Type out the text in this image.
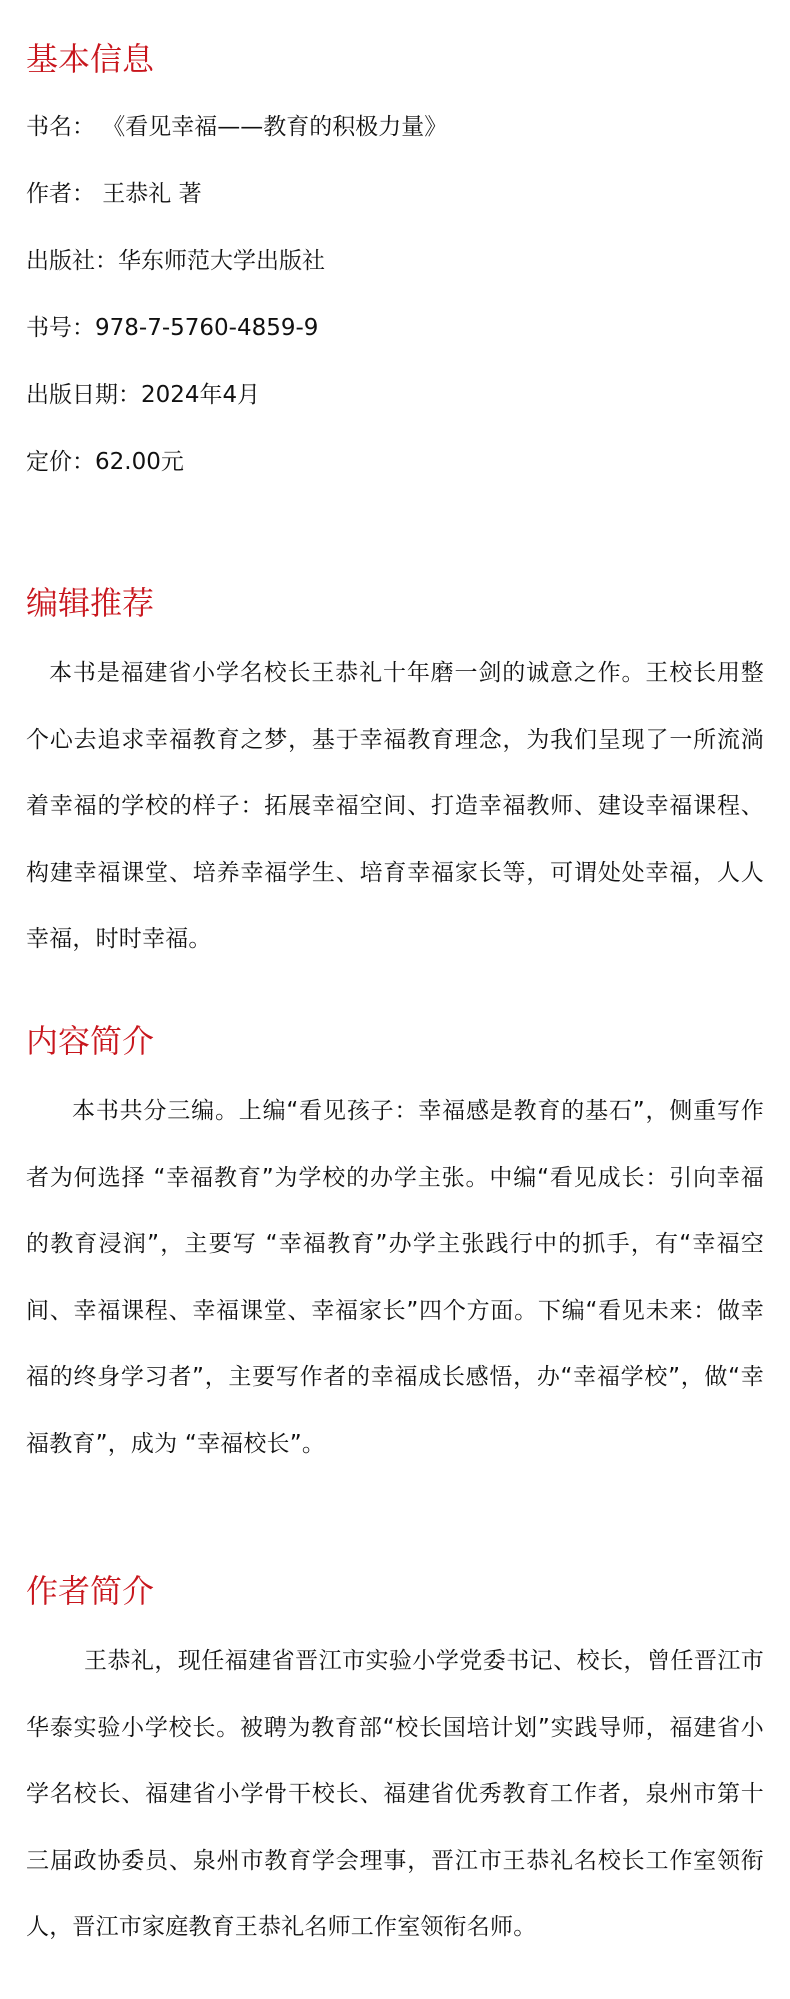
基本信息

书名： 《看见幸福——教育的积极力量》

作者： 王恭礼 著

出版社：华东师范大学出版社

书号：978-7-5760-4859-9

出版日期：2024年4月

定价：62.00元

编辑推荐

本书是福建省小学名校长王恭礼十年磨一剑的诚意之作。王校长用整个心去追求幸福教育之梦，基于幸福教育理念，为我们呈现了一所流淌着幸福的学校的样子：拓展幸福空间、打造幸福教师、建设幸福课程、构建幸福课堂、培养幸福学生、培育幸福家长等，可谓处处幸福，人人幸福，时时幸福。

内容简介

本书共分三编。上编“看见孩子：幸福感是教育的基石”，侧重写作者为何选择 “幸福教育”为学校的办学主张。中编“看见成长：引向幸福的教育浸润”，主要写 “幸福教育”办学主张践行中的抓手，有“幸福空间、幸福课程、幸福课堂、幸福家长”四个方面。下编“看见未来：做幸福的终身学习者”，主要写作者的幸福成长感悟，办“幸福学校”，做“幸福教育”，成为 “幸福校长”。

作者简介

王恭礼，现任福建省晋江市实验小学党委书记、校长，曾任晋江市华泰实验小学校长。被聘为教育部“校长国培计划”实践导师，福建省小学名校长、福建省小学骨干校长、福建省优秀教育工作者，泉州市第十三届政协委员、泉州市教育学会理事，晋江市王恭礼名校长工作室领衔人，晋江市家庭教育王恭礼名师工作室领衔名师。
